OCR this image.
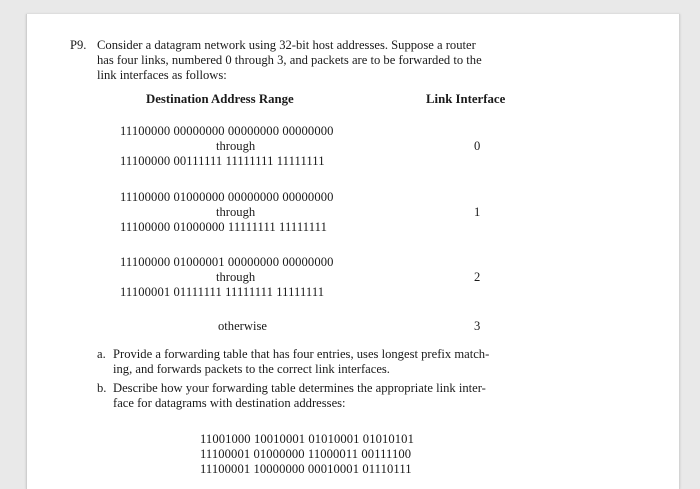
P9. Consider a datagram network using 32-bit host addresses. Suppose a router
has four links, numbered 0 through 3, and packets are to be forwarded to the
link interfaces as follows:
Destination Address Range	Link Interface
11100000 00000000 00000000 00000000
through
11100000 00111111 11111111 11111111
0
11100000 01000000 00000000 00000000
through
11100000 01000000 11111111 11111111
1
11100000 01000001 00000000 00000000
through
11100001 01111111 11111111 11111111
2
otherwise	3
a. Provide a forwarding table that has four entries, uses longest prefix match-
ing, and forwards packets to the correct link interfaces.
b. Describe how your forwarding table determines the appropriate link inter-
face for datagrams with destination addresses:
11001000 10010001 01010001 01010101
11100001 01000000 11000011 00111100
11100001 10000000 00010001 01110111
